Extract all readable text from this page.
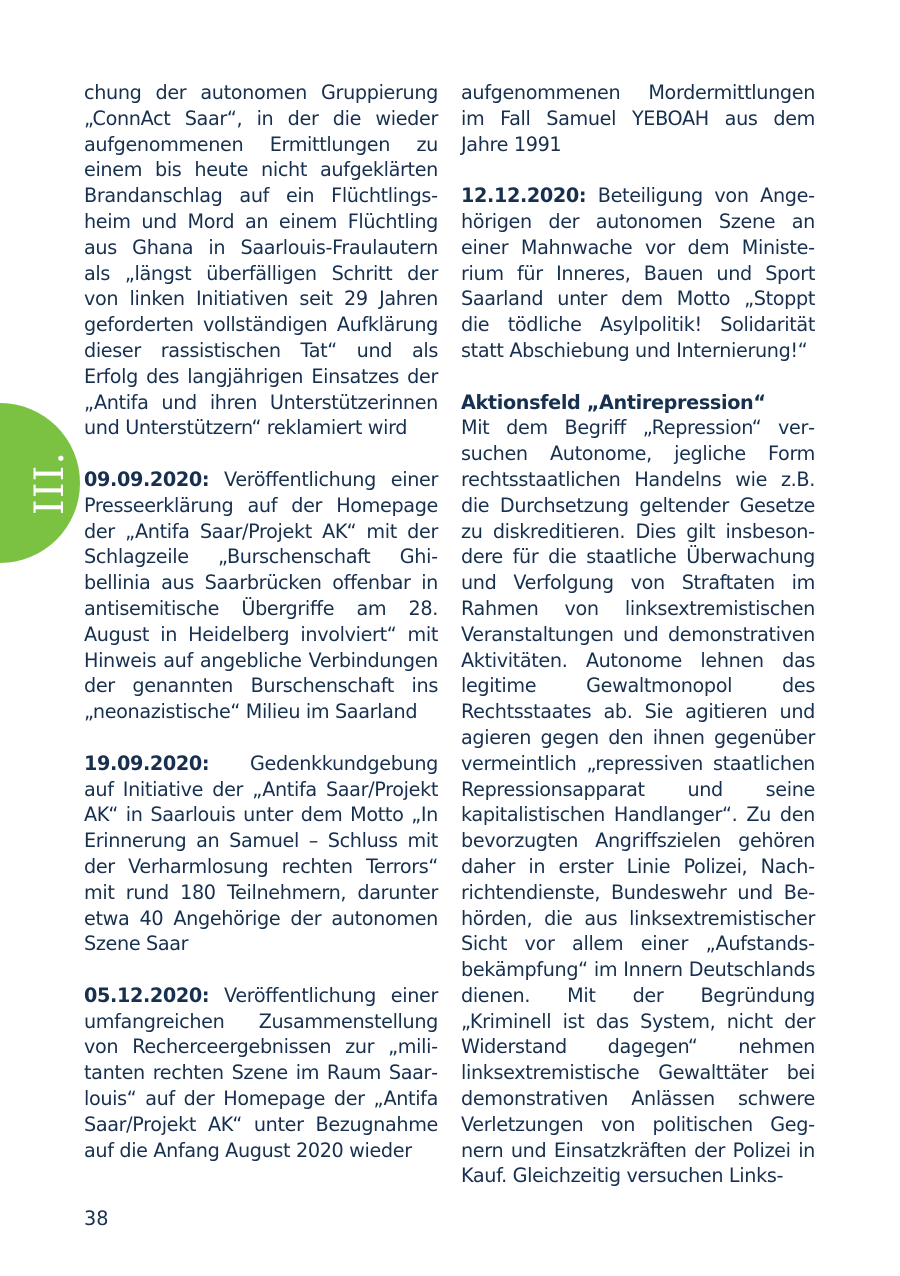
III.

chung der autonomen Gruppierung „ConnAct Saar“, in der die wieder aufgenommenen Ermittlungen zu einem bis heute nicht aufgeklärten Brandanschlag auf ein Flüchtlingsheim und Mord an einem Flüchtling aus Ghana in Saarlouis-Fraulautern als „längst überfälligen Schritt der von linken Initiativen seit 29 Jahren geforderten vollständigen Aufklärung dieser rassistischen Tat“ und als Erfolg des langjährigen Einsatzes der „Antifa und ihren Unterstützerinnen und Unterstützern“ reklamiert wird

09.09.2020: Veröffentlichung einer Presseerklärung auf der Homepage der „Antifa Saar/Projekt AK“ mit der Schlagzeile „Burschenschaft Ghibellinia aus Saarbrücken offenbar in antisemitische Übergriffe am 28. August in Heidelberg involviert“ mit Hinweis auf angebliche Verbindungen der genannten Burschenschaft ins „neonazistische“ Milieu im Saarland

19.09.2020: Gedenkkundgebung auf Initiative der „Antifa Saar/Projekt AK“ in Saarlouis unter dem Motto „In Erinnerung an Samuel – Schluss mit der Verharmlosung rechten Terrors“ mit rund 180 Teilnehmern, darunter etwa 40 Angehörige der autonomen Szene Saar

05.12.2020: Veröffentlichung einer umfangreichen Zusammenstellung von Recherceergebnissen zur „militanten rechten Szene im Raum Saarlouis“ auf der Homepage der „Antifa Saar/Projekt AK“ unter Bezugnahme auf die Anfang August 2020 wieder

aufgenommenen Mordermittlungen im Fall Samuel YEBOAH aus dem Jahre 1991

12.12.2020: Beteiligung von Angehörigen der autonomen Szene an einer Mahnwache vor dem Ministerium für Inneres, Bauen und Sport Saarland unter dem Motto „Stoppt die tödliche Asylpolitik! Solidarität statt Abschiebung und Internierung!“

Aktionsfeld „Antirepression“

Mit dem Begriff „Repression“ versuchen Autonome, jegliche Form rechtsstaatlichen Handelns wie z.B. die Durchsetzung geltender Gesetze zu diskreditieren. Dies gilt insbesondere für die staatliche Überwachung und Verfolgung von Straftaten im Rahmen von linksextremistischen Veranstaltungen und demonstrativen Aktivitäten. Autonome lehnen das legitime Gewaltmonopol des Rechtsstaates ab. Sie agitieren und agieren gegen den ihnen gegenüber vermeintlich „repressiven staatlichen Repressionsapparat und seine kapitalistischen Handlanger“. Zu den bevorzugten Angriffszielen gehören daher in erster Linie Polizei, Nachrichtendienste, Bundeswehr und Behörden, die aus linksextremistischer Sicht vor allem einer „Aufstandsbekämpfung“ im Innern Deutschlands dienen. Mit der Begründung „Kriminell ist das System, nicht der Widerstand dagegen“ nehmen linksextremistische Gewalttäter bei demonstrativen Anlässen schwere Verletzungen von politischen Gegnern und Einsatzkräften der Polizei in Kauf. Gleichzeitig versuchen Links-

38
